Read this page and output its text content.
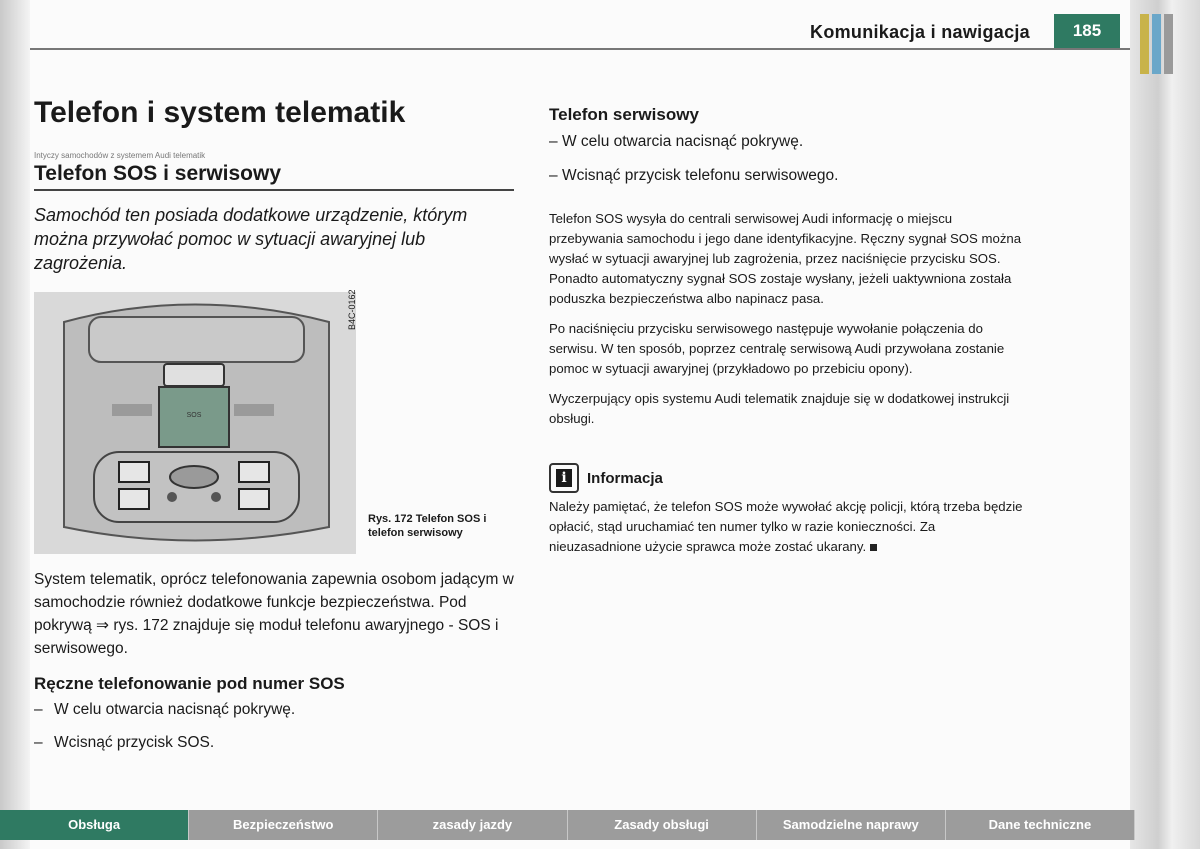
Komunikacja i nawigacja	185
Telefon i system telematik
Intyczy samochodów z systemem Audi telematik
Telefon SOS i serwisowy
Samochód ten posiada dodatkowe urządzenie, którym można przywołać pomoc w sytuacji awaryjnej lub zagrożenia.
SOS
B4C-0162
Rys. 172 Telefon SOS i telefon serwisowy
System telematik, oprócz telefonowania zapewnia osobom jadącym w samochodzie również dodatkowe funkcje bezpieczeństwa. Pod pokrywą ⇒ rys. 172 znajduje się moduł telefonu awaryjnego - SOS i serwisowego.
Ręczne telefonowanie pod numer SOS
– W celu otwarcia nacisnąć pokrywę.
– Wcisnąć przycisk SOS.
Telefon serwisowy
– W celu otwarcia nacisnąć pokrywę.
– Wcisnąć przycisk telefonu serwisowego.

Telefon SOS wysyła do centrali serwisowej Audi informację o miejscu przebywania samochodu i jego dane identyfikacyjne. Ręczny sygnał SOS można wysłać w sytuacji awaryjnej lub zagrożenia, przez naciśnięcie przycisku SOS. Ponadto automatyczny sygnał SOS zostaje wysłany, jeżeli uaktywniona została poduszka bezpieczeństwa albo napinacz pasa.

Po naciśnięciu przycisku serwisowego następuje wywołanie połączenia do serwisu. W ten sposób, poprzez centralę serwisową Audi przywołana zostanie pomoc w sytuacji awaryjnej (przykładowo po przebiciu opony).

Wyczerpujący opis systemu Audi telematik znajduje się w dodatkowej instrukcji obsługi.

i	Informacja
Należy pamiętać, że telefon SOS może wywołać akcję policji, którą trzeba będzie opłacić, stąd uruchamiać ten numer tylko w razie konieczności. Za nieuzasadnione użycie sprawca może zostać ukarany.
Obsługa	Bezpieczeństwo	zasady jazdy	Zasady obsługi	Samodzielne naprawy	Dane techniczne
